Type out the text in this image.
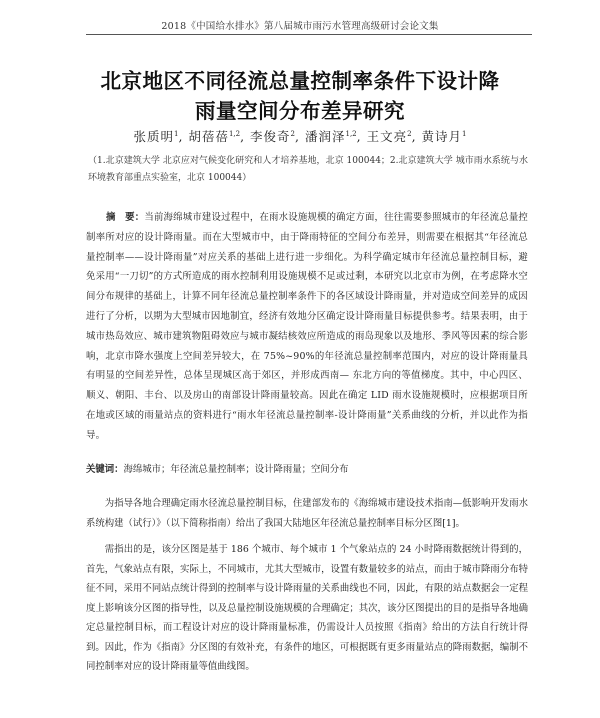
2018《中国给水排水》第八届城市雨污水管理高级研讨会论文集
北京地区不同径流总量控制率条件下设计降
雨量空间分布差异研究
张质明$^1$, 胡蓓蓓$^{1,2}$, 李俊奇$^2$, 潘润泽$^{1,2}$, 王文亮$^2$, 黄诗月$^1$
（1.北京建筑大学 北京应对气候变化研究和人才培养基地，北京 100044；2.北京建筑大学 城市雨水系统与水环境教育部重点实验室，北京 100044）
摘　要：当前海绵城市建设过程中，在雨水设施规模的确定方面，往往需要参照城市的年径流总量控制率所对应的设计降雨量。而在大型城市中，由于降雨特征的空间分布差异，则需要在根据其“年径流总量控制率——设计降雨量”对应关系的基础上进行进一步细化。为科学确定城市年径流总量控制目标，避免采用“一刀切”的方式所造成的雨水控制利用设施规模不足或过剩，本研究以北京市为例，在考虑降水空间分布规律的基础上，计算不同年径流总量控制率条件下的各区域设计降雨量，并对造成空间差异的成因进行了分析，以期为大型城市因地制宜，经济有效地分区确定设计降雨量目标提供参考。结果表明，由于城市热岛效应、城市建筑物阻碍效应与城市凝结核效应所造成的雨岛现象以及地形、季风等因素的综合影响，北京市降水强度上空间差异较大，在 75%~90%的年径流总量控制率范围内，对应的设计降雨量具有明显的空间差异性，总体呈现城区高于郊区，并形成西南— 东北方向的等值梯度。其中，中心四区、顺义、朝阳、丰台、以及房山的南部设计降雨量较高。因此在确定 LID 雨水设施规模时，应根据项目所在地或区域的雨量站点的资料进行“雨水年径流总量控制率-设计降雨量”关系曲线的分析，并以此作为指导。
关键词：海绵城市；年径流总量控制率；设计降雨量；空间分布

为指导各地合理确定雨水径流总量控制目标，住建部发布的《海绵城市建设技术指南—低影响开发雨水系统构建（试行）》（以下简称指南）给出了我国大陆地区年径流总量控制率目标分区图[1]。

需指出的是，该分区图是基于 186 个城市、每个城市 1 个气象站点的 24 小时降雨数据统计得到的，首先，气象站点有限，实际上，不同城市，尤其大型城市，设置有数量较多的站点，而由于城市降雨分布特征不同，采用不同站点统计得到的控制率与设计降雨量的关系曲线也不同，因此，有限的站点数据会一定程度上影响该分区图的指导性，以及总量控制设施规模的合理确定；其次，该分区图提出的目的是指导各地确定总量控制目标，而工程设计对应的设计降雨量标准，仍需设计人员按照《指南》给出的方法自行统计得到。因此，作为《指南》分区图的有效补充，有条件的地区，可根据既有更多雨量站点的降雨数据，编制不同控制率对应的设计降雨量等值曲线图。
